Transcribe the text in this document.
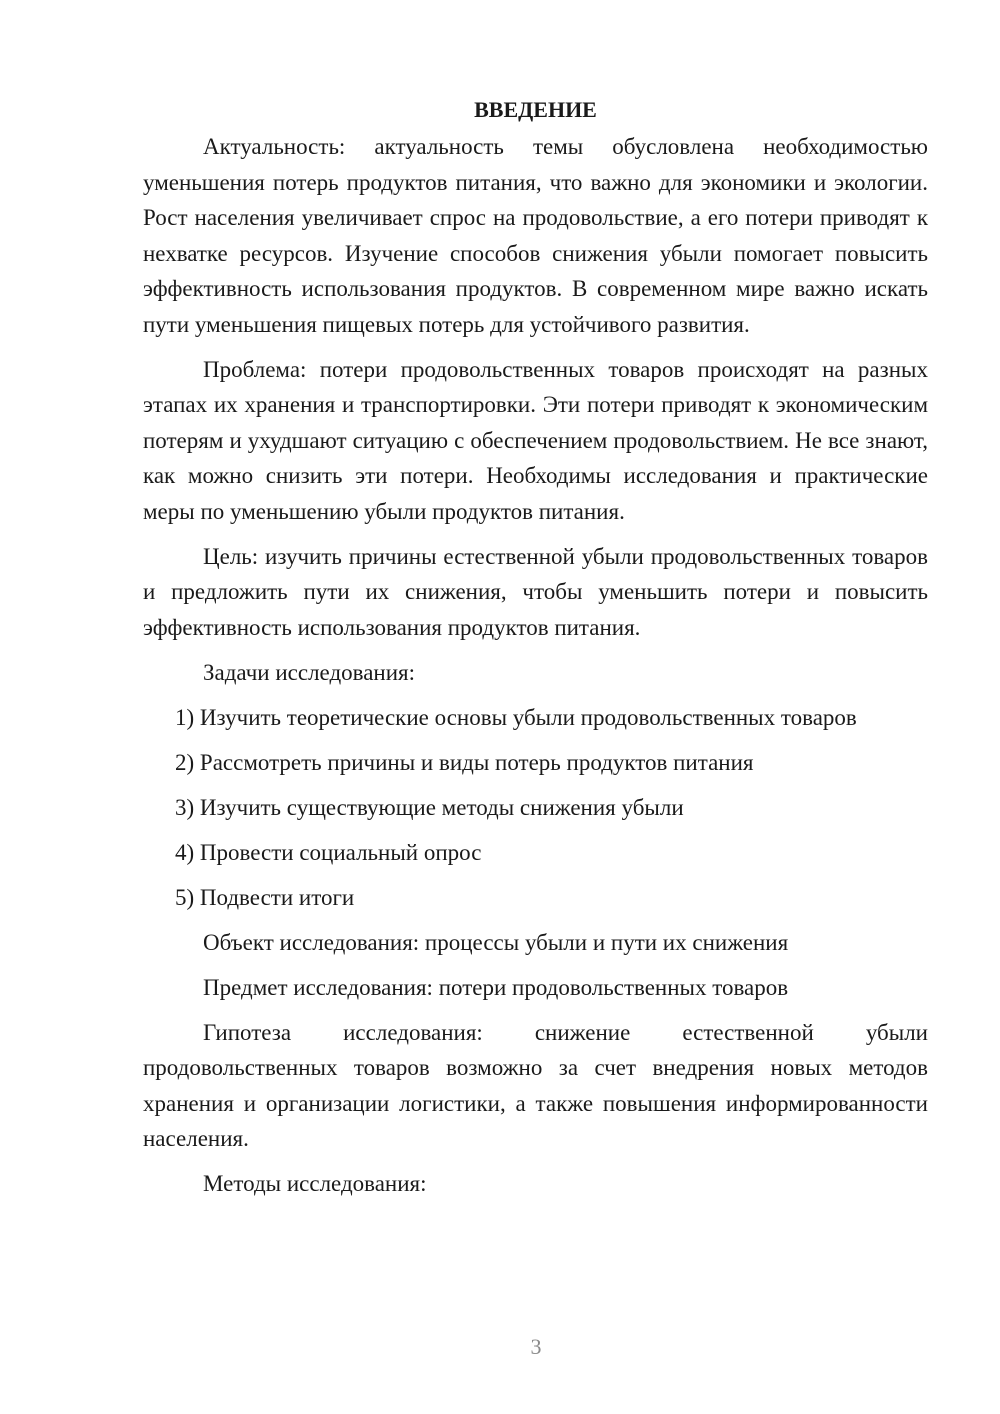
ВВЕДЕНИЕ

Актуальность: актуальность темы обусловлена необходимостью уменьшения потерь продуктов питания, что важно для экономики и экологии. Рост населения увеличивает спрос на продовольствие, а его потери приводят к нехватке ресурсов. Изучение способов снижения убыли помогает повысить эффективность использования продуктов. В современном мире важно искать пути уменьшения пищевых потерь для устойчивого развития.

Проблема: потери продовольственных товаров происходят на разных этапах их хранения и транспортировки. Эти потери приводят к экономическим потерям и ухудшают ситуацию с обеспечением продовольствием. Не все знают, как можно снизить эти потери. Необходимы исследования и практические меры по уменьшению убыли продуктов питания.

Цель: изучить причины естественной убыли продовольственных товаров и предложить пути их снижения, чтобы уменьшить потери и повысить эффективность использования продуктов питания.

Задачи исследования:
1) Изучить теоретические основы убыли продовольственных товаров
2) Рассмотреть причины и виды потерь продуктов питания
3) Изучить существующие методы снижения убыли
4) Провести социальный опрос
5) Подвести итоги
Объект исследования: процессы убыли и пути их снижения
Предмет исследования: потери продовольственных товаров

Гипотеза исследования: снижение естественной убыли продовольственных товаров возможно за счет внедрения новых методов хранения и организации логистики, а также повышения информированности населения.

Методы исследования:
3
